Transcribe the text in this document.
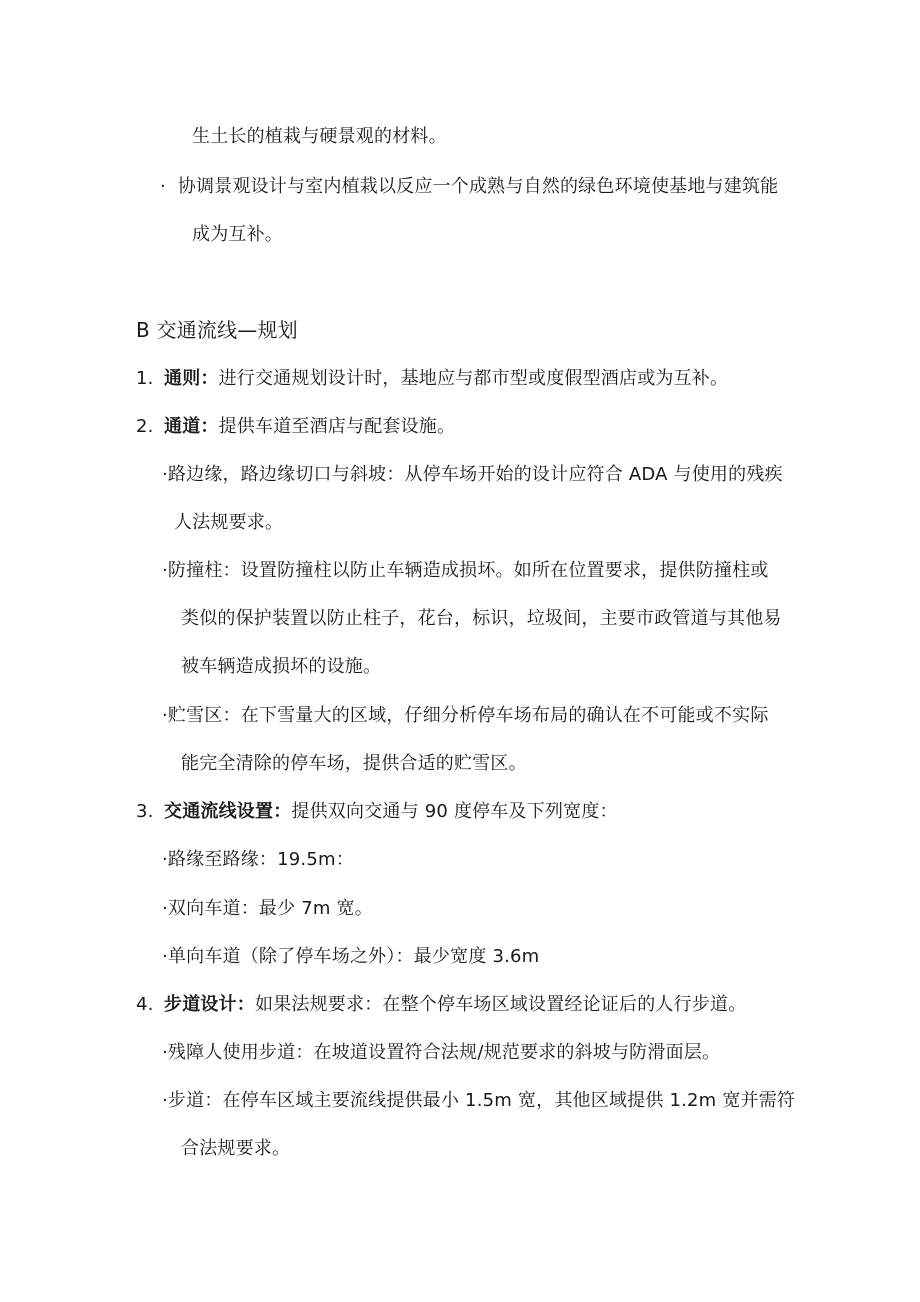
生土长的植栽与硬景观的材料。
· 协调景观设计与室内植栽以反应一个成熟与自然的绿色环境使基地与建筑能
成为互补。
B 交通流线—规划
1. 通则：进行交通规划设计时，基地应与都市型或度假型酒店或为互补。
2. 通道：提供车道至酒店与配套设施。
·路边缘，路边缘切口与斜坡：从停车场开始的设计应符合 ADA 与使用的残疾
人法规要求。
·防撞柱：设置防撞柱以防止车辆造成损坏。如所在位置要求，提供防撞柱或
类似的保护装置以防止柱子，花台，标识，垃圾间，主要市政管道与其他易
被车辆造成损坏的设施。
·贮雪区：在下雪量大的区域，仔细分析停车场布局的确认在不可能或不实际
能完全清除的停车场，提供合适的贮雪区。
3. 交通流线设置：提供双向交通与 90 度停车及下列宽度：
·路缘至路缘：19.5m：
·双向车道：最少 7m 宽。
·单向车道（除了停车场之外）：最少宽度 3.6m
4. 步道设计：如果法规要求：在整个停车场区域设置经论证后的人行步道。
·残障人使用步道：在坡道设置符合法规/规范要求的斜坡与防滑面层。
·步道：在停车区域主要流线提供最小 1.5m 宽，其他区域提供 1.2m 宽并需符
合法规要求。
